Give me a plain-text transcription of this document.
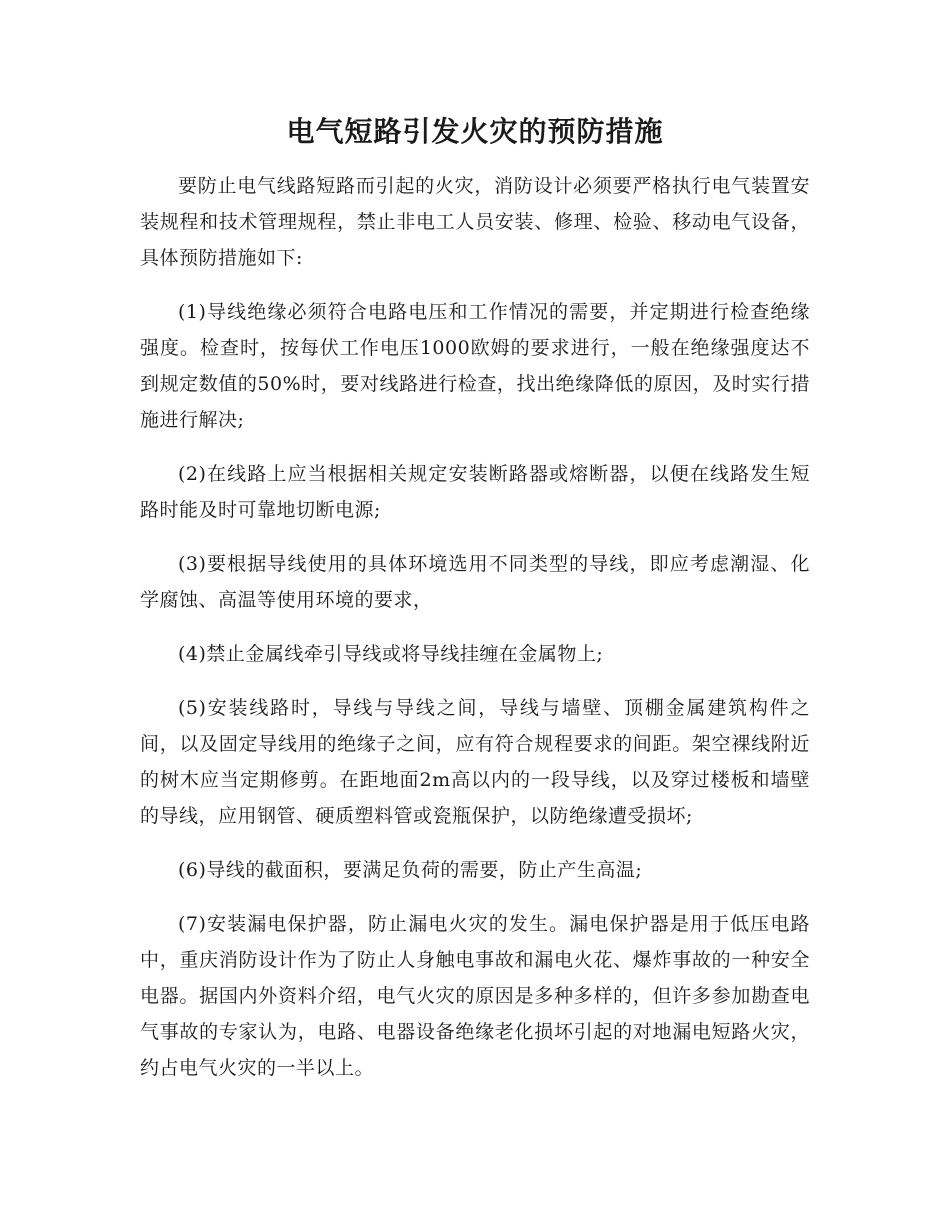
电气短路引发火灾的预防措施

要防止电气线路短路而引起的火灾，消防设计必须要严格执行电气装置安装规程和技术管理规程，禁止非电工人员安装、修理、检验、移动电气设备，具体预防措施如下:

(1)导线绝缘必须符合电路电压和工作情况的需要，并定期进行检查绝缘强度。检查时，按每伏工作电压1000欧姆的要求进行，一般在绝缘强度达不到规定数值的50%时，要对线路进行检查，找出绝缘降低的原因，及时实行措施进行解决;

(2)在线路上应当根据相关规定安装断路器或熔断器，以便在线路发生短路时能及时可靠地切断电源;

(3)要根据导线使用的具体环境选用不同类型的导线，即应考虑潮湿、化学腐蚀、高温等使用环境的要求，

(4)禁止金属线牵引导线或将导线挂缠在金属物上;

(5)安装线路时，导线与导线之间，导线与墙壁、顶棚金属建筑构件之间，以及固定导线用的绝缘子之间，应有符合规程要求的间距。架空裸线附近的树木应当定期修剪。在距地面2m高以内的一段导线，以及穿过楼板和墙壁的导线，应用钢管、硬质塑料管或瓷瓶保护，以防绝缘遭受损坏;

(6)导线的截面积，要满足负荷的需要，防止产生高温;

(7)安装漏电保护器，防止漏电火灾的发生。漏电保护器是用于低压电路中，重庆消防设计作为了防止人身触电事故和漏电火花、爆炸事故的一种安全电器。据国内外资料介绍，电气火灾的原因是多种多样的，但许多参加勘查电气事故的专家认为，电路、电器设备绝缘老化损坏引起的对地漏电短路火灾，约占电气火灾的一半以上。
